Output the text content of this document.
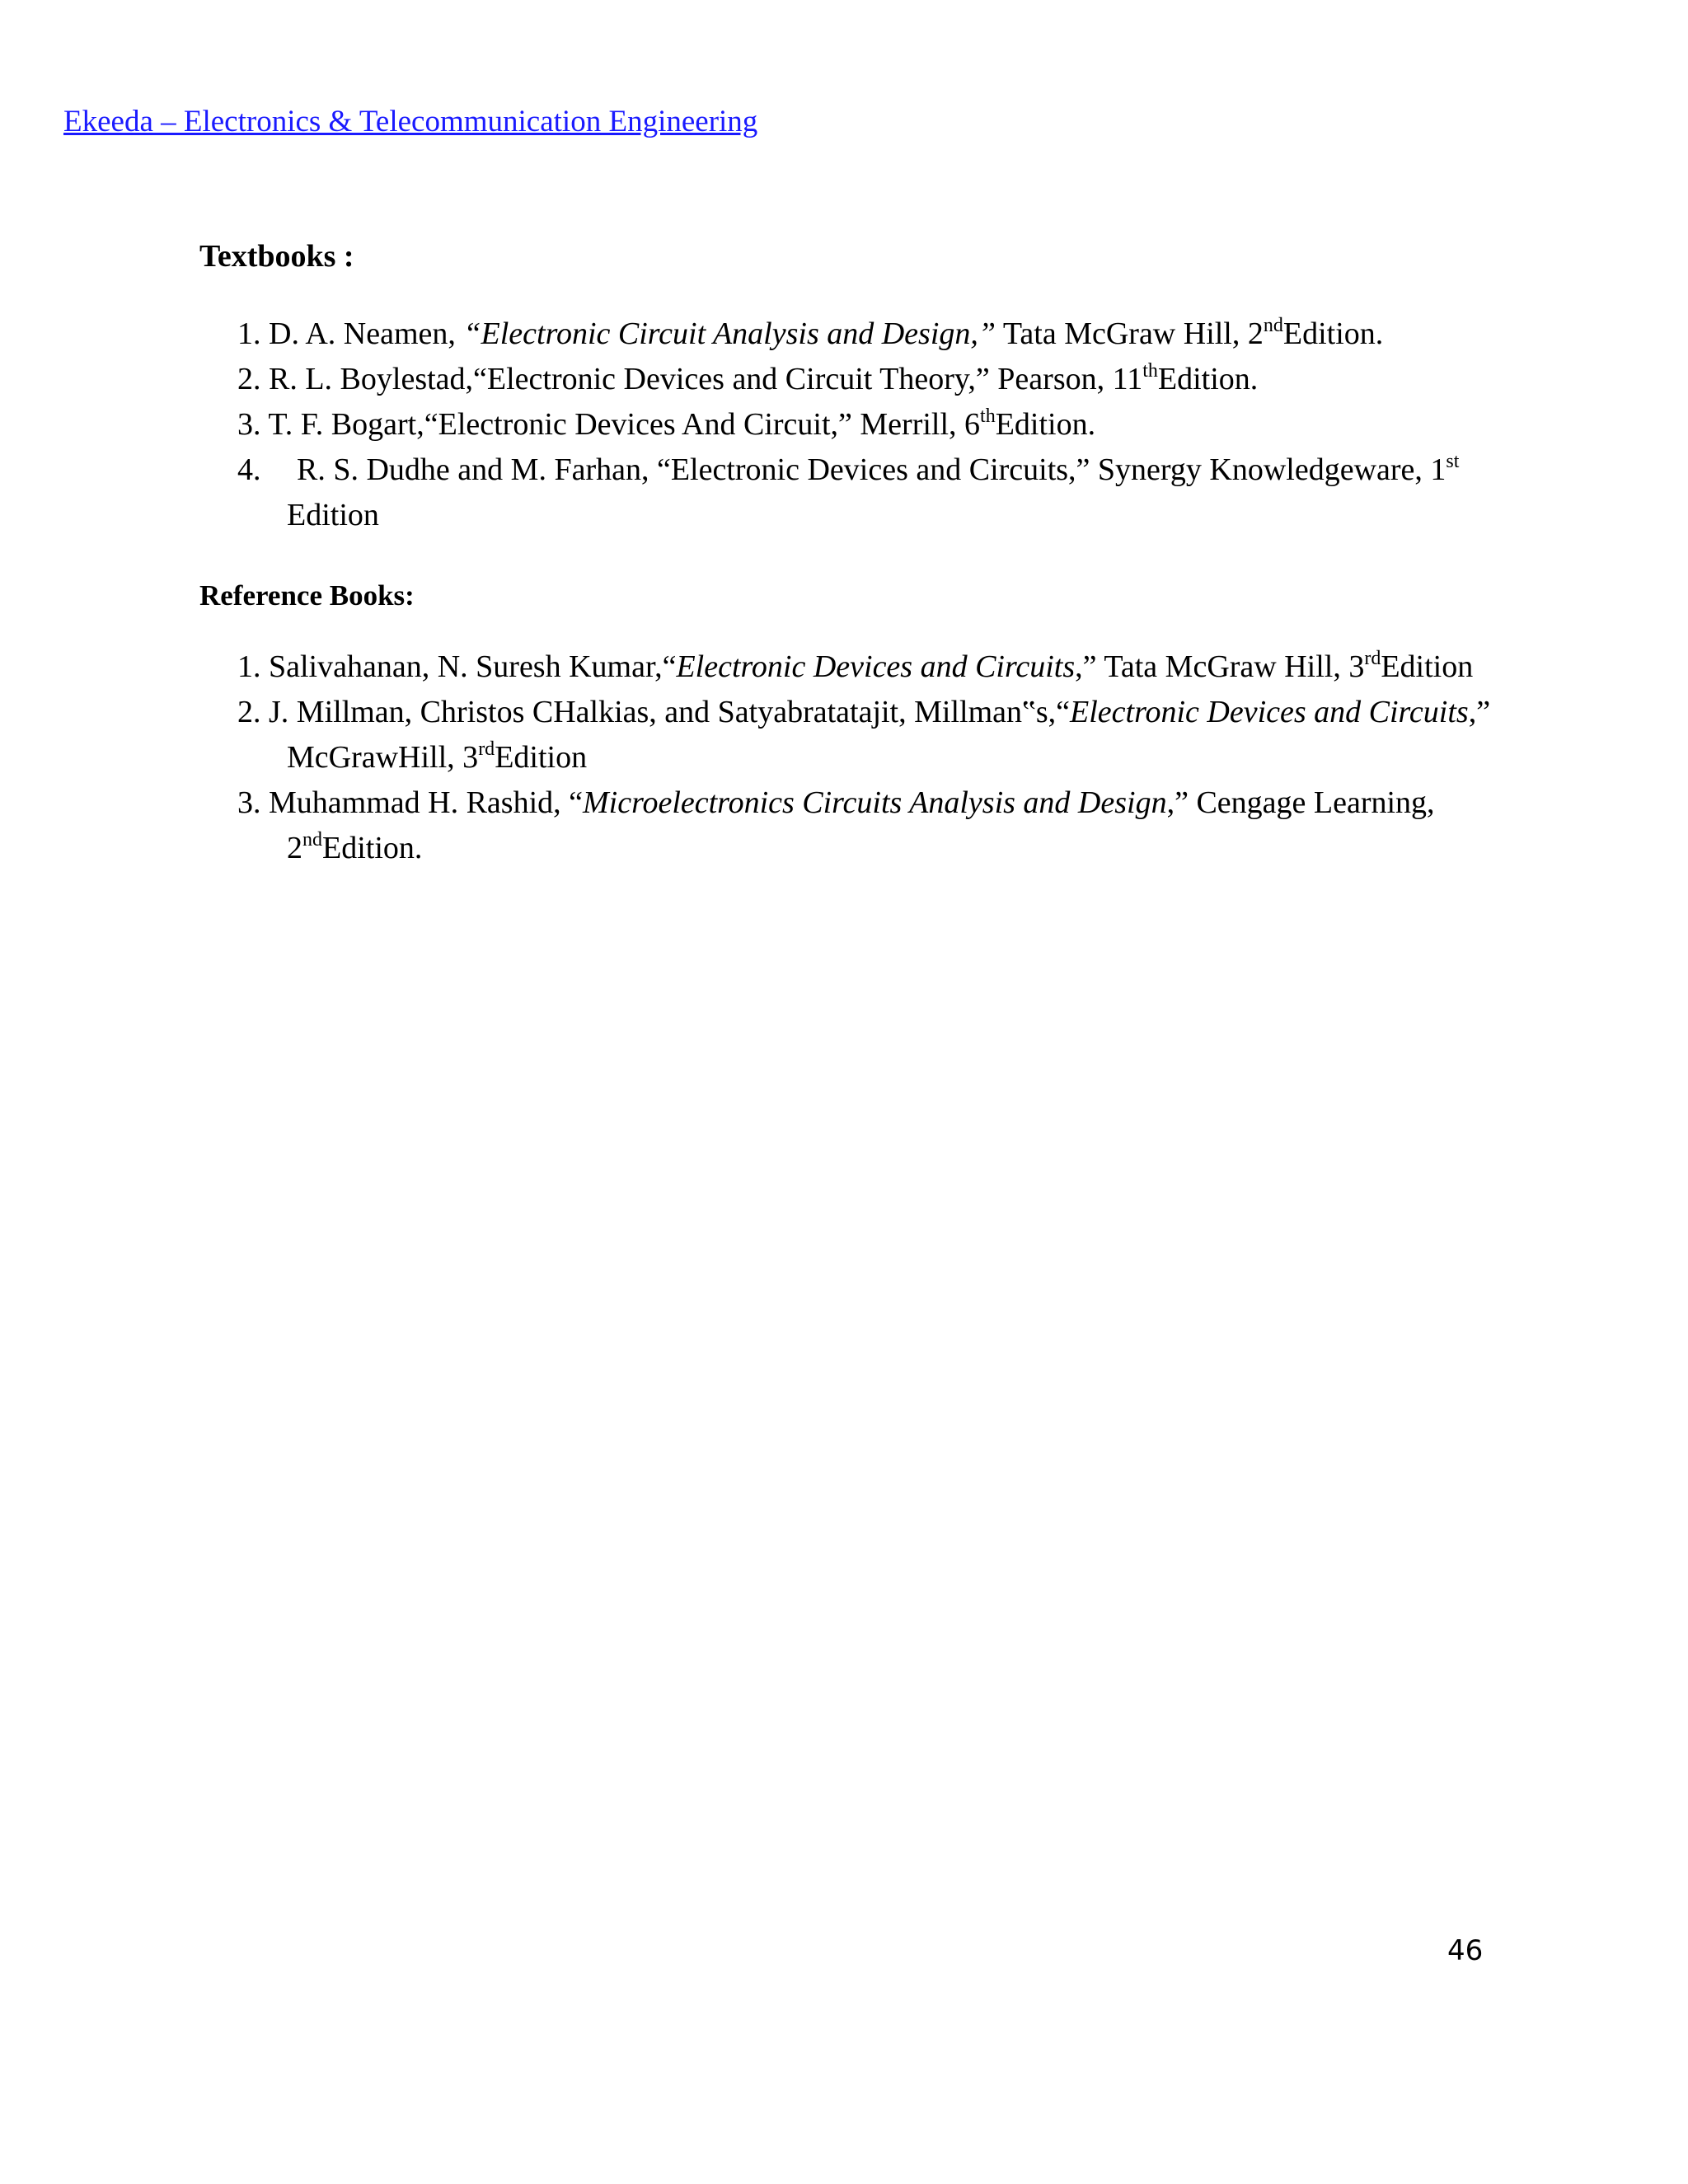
Ekeeda – Electronics & Telecommunication Engineering
Textbooks :
1. D. A. Neamen, “Electronic Circuit Analysis and Design,” Tata McGraw Hill, 2ndEdition.
2. R. L. Boylestad,“Electronic Devices and Circuit Theory,” Pearson, 11thEdition.
3. T. F. Bogart,“Electronic Devices And Circuit,” Merrill, 6thEdition.
4. R. S. Dudhe and M. Farhan, “Electronic Devices and Circuits,” Synergy Knowledgeware, 1st Edition
Reference Books:
1. Salivahanan, N. Suresh Kumar,“Electronic Devices and Circuits,” Tata McGraw Hill, 3rdEdition
2. J. Millman, Christos CHalkias, and Satyabratatajit, Millman‟s,“Electronic Devices and Circuits,” McGrawHill, 3rdEdition
3. Muhammad H. Rashid, “Microelectronics Circuits Analysis and Design,” Cengage Learning, 2ndEdition.
46
